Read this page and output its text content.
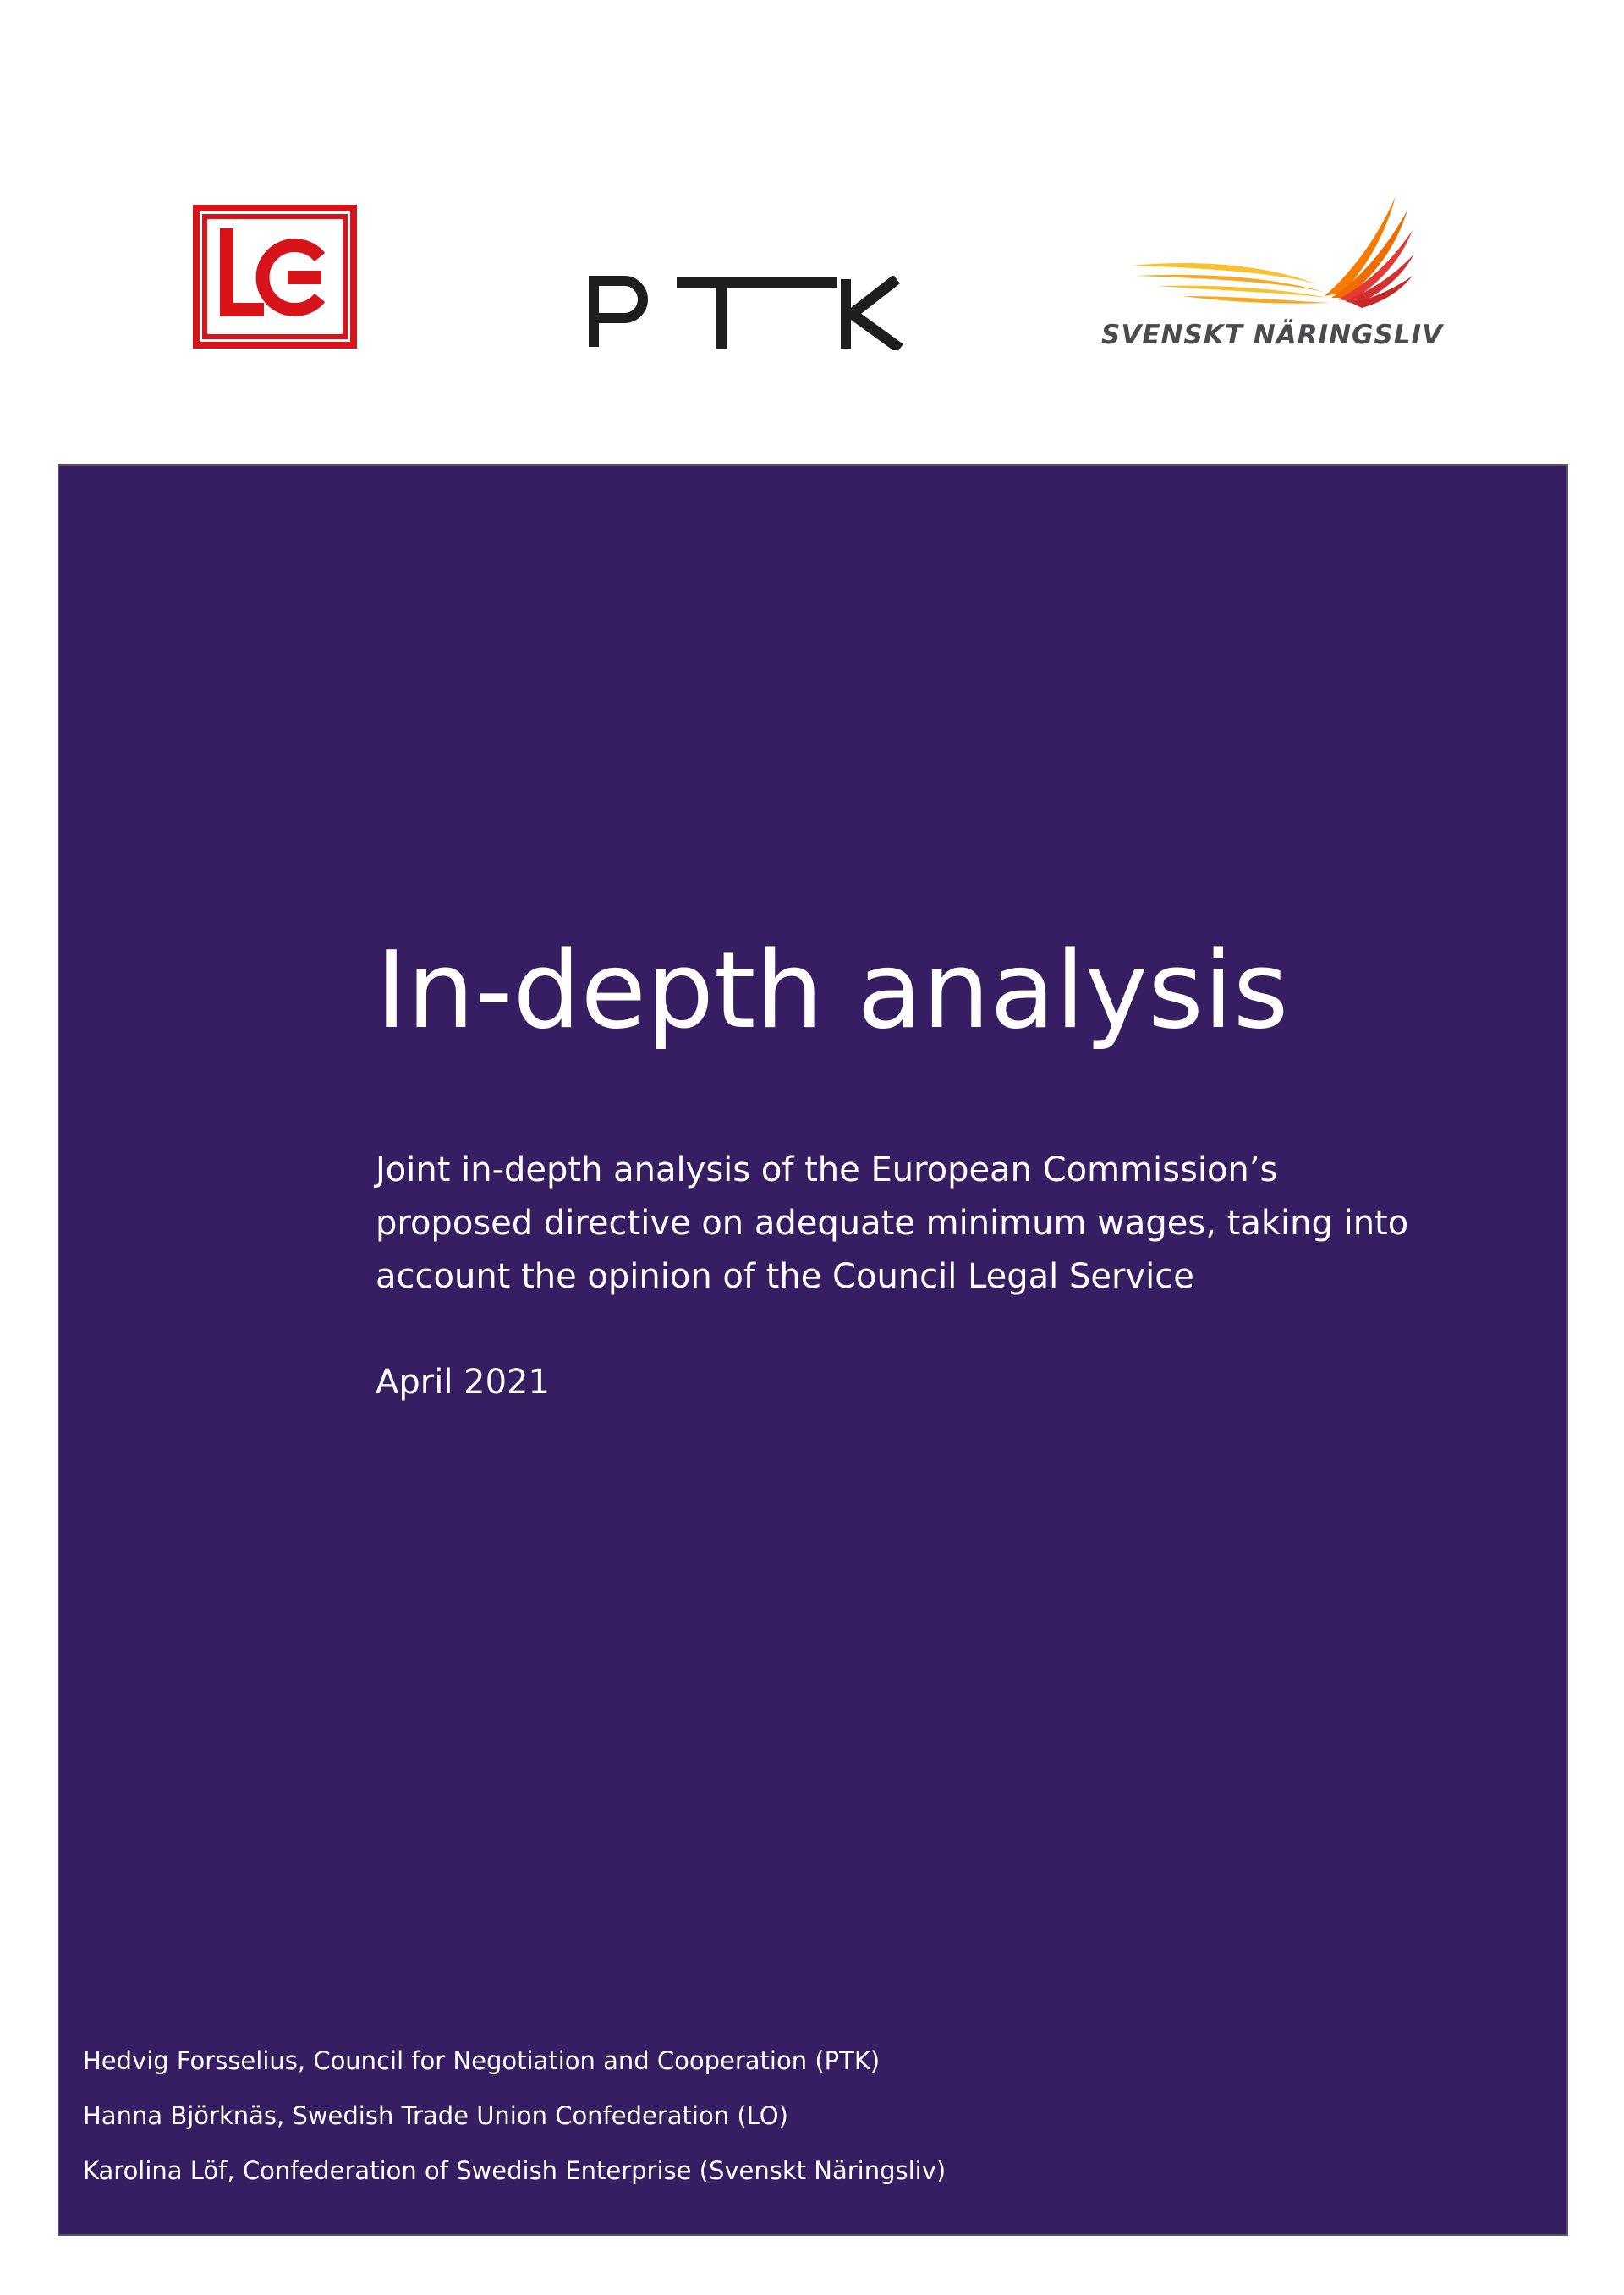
SVENSKT NÄRINGSLIV
In-depth analysis

Joint in-depth analysis of the European Commission’s proposed directive on adequate minimum wages, taking into account the opinion of the Council Legal Service

April 2021

Hedvig Forsselius, Council for Negotiation and Cooperation (PTK)
Hanna Björknäs, Swedish Trade Union Confederation (LO)
Karolina Löf, Confederation of Swedish Enterprise (Svenskt Näringsliv)
